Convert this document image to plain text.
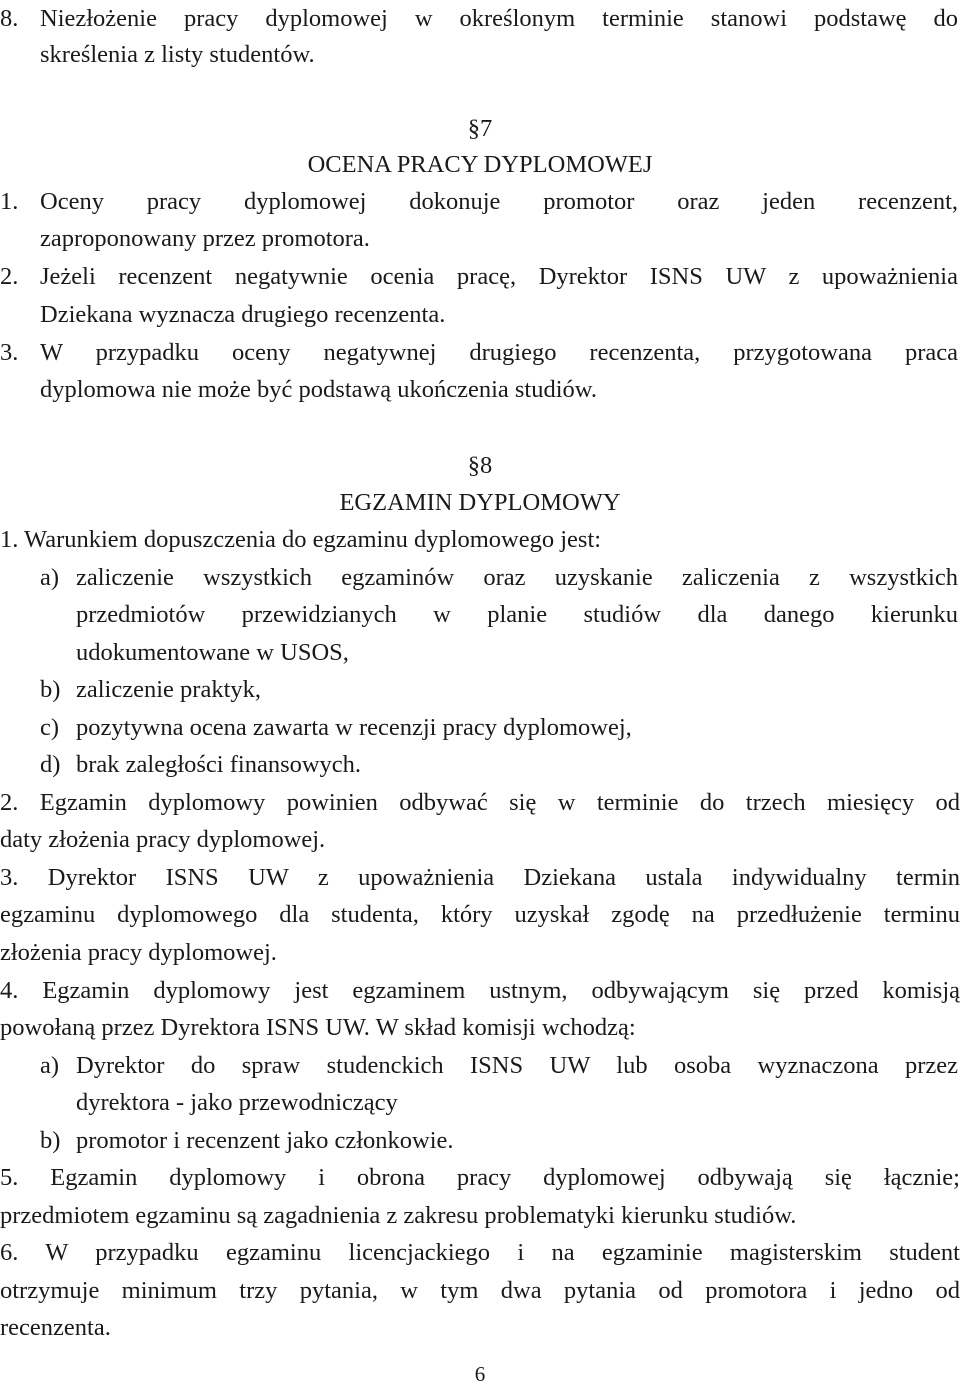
8. Niezłożenie pracy dyplomowej w określonym terminie stanowi podstawę do
skreślenia z listy studentów.
§7
OCENA PRACY DYPLOMOWEJ
1. Oceny pracy dyplomowej dokonuje promotor oraz jeden recenzent,
zaproponowany przez promotora.
2. Jeżeli recenzent negatywnie ocenia pracę, Dyrektor ISNS UW z upoważnienia
Dziekana wyznacza drugiego recenzenta.
3. W przypadku oceny negatywnej drugiego recenzenta, przygotowana praca
dyplomowa nie może być podstawą ukończenia studiów.
§8
EGZAMIN DYPLOMOWY
1. Warunkiem dopuszczenia do egzaminu dyplomowego jest:
a) zaliczenie wszystkich egzaminów oraz uzyskanie zaliczenia z wszystkich
przedmiotów przewidzianych w planie studiów dla danego kierunku
udokumentowane w USOS,
b) zaliczenie praktyk,
c) pozytywna ocena zawarta w recenzji pracy dyplomowej,
d) brak zaległości finansowych.
2. Egzamin dyplomowy powinien odbywać się w terminie do trzech miesięcy od
daty złożenia pracy dyplomowej.
3. Dyrektor ISNS UW z upoważnienia Dziekana ustala indywidualny termin
egzaminu dyplomowego dla studenta, który uzyskał zgodę na przedłużenie terminu
złożenia pracy dyplomowej.
4. Egzamin dyplomowy jest egzaminem ustnym, odbywającym się przed komisją
powołaną przez Dyrektora ISNS UW. W skład komisji wchodzą:
a) Dyrektor do spraw studenckich ISNS UW lub osoba wyznaczona przez
dyrektora - jako przewodniczący
b) promotor i recenzent jako członkowie.
5. Egzamin dyplomowy i obrona pracy dyplomowej odbywają się łącznie;
przedmiotem egzaminu są zagadnienia z zakresu problematyki kierunku studiów.
6. W przypadku egzaminu licencjackiego i na egzaminie magisterskim student
otrzymuje minimum trzy pytania, w tym dwa pytania od promotora i jedno od
recenzenta.
6
